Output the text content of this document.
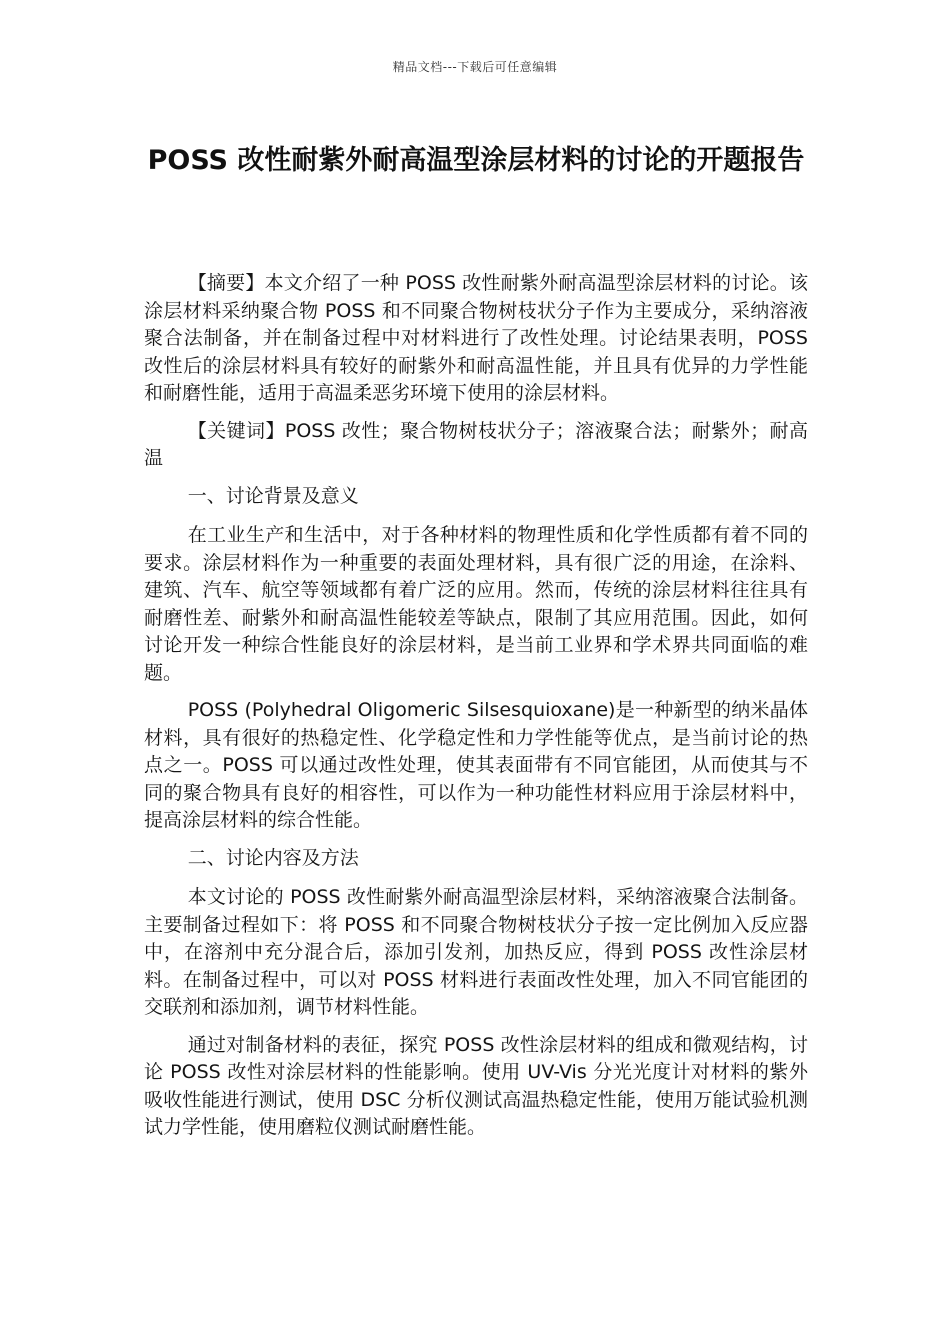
精品文档---下载后可任意编辑
POSS 改性耐紫外耐高温型涂层材料的讨论的开题报告

【摘要】本文介绍了一种 POSS 改性耐紫外耐高温型涂层材料的讨论。该涂层材料采纳聚合物 POSS 和不同聚合物树枝状分子作为主要成分，采纳溶液聚合法制备，并在制备过程中对材料进行了改性处理。讨论结果表明，POSS 改性后的涂层材料具有较好的耐紫外和耐高温性能，并且具有优异的力学性能和耐磨性能，适用于高温柔恶劣环境下使用的涂层材料。

【关键词】POSS 改性；聚合物树枝状分子；溶液聚合法；耐紫外；耐高温

一、讨论背景及意义

在工业生产和生活中，对于各种材料的物理性质和化学性质都有着不同的要求。涂层材料作为一种重要的表面处理材料，具有很广泛的用途，在涂料、建筑、汽车、航空等领域都有着广泛的应用。然而，传统的涂层材料往往具有耐磨性差、耐紫外和耐高温性能较差等缺点，限制了其应用范围。因此，如何讨论开发一种综合性能良好的涂层材料，是当前工业界和学术界共同面临的难题。

POSS (Polyhedral Oligomeric Silsesquioxane)是一种新型的纳米晶体材料，具有很好的热稳定性、化学稳定性和力学性能等优点，是当前讨论的热点之一。POSS 可以通过改性处理，使其表面带有不同官能团，从而使其与不同的聚合物具有良好的相容性，可以作为一种功能性材料应用于涂层材料中，提高涂层材料的综合性能。

二、讨论内容及方法

本文讨论的 POSS 改性耐紫外耐高温型涂层材料，采纳溶液聚合法制备。主要制备过程如下：将 POSS 和不同聚合物树枝状分子按一定比例加入反应器中，在溶剂中充分混合后，添加引发剂，加热反应，得到 POSS 改性涂层材料。在制备过程中，可以对 POSS 材料进行表面改性处理，加入不同官能团的交联剂和添加剂，调节材料性能。

通过对制备材料的表征，探究 POSS 改性涂层材料的组成和微观结构，讨论 POSS 改性对涂层材料的性能影响。使用 UV-Vis 分光光度计对材料的紫外吸收性能进行测试，使用 DSC 分析仪测试高温热稳定性能，使用万能试验机测试力学性能，使用磨粒仪测试耐磨性能。
